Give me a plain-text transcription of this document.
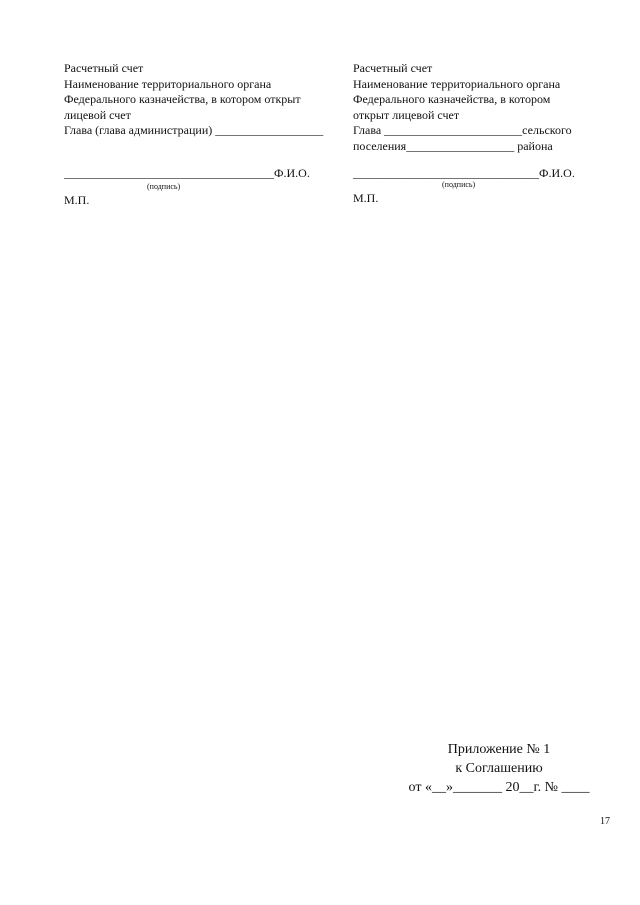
Расчетный счет
Наименование территориального органа
Федерального казначейства, в котором открыт
лицевой счет
Глава (глава администрации) __________________
___________________________________Ф.И.О.
(подпись)
М.П.
Расчетный счет
Наименование территориального органа
Федерального казначейства, в котором
открыт лицевой счет
Глава _______________________сельского
поселения__________________ района
_______________________________Ф.И.О.
(подпись)
М.П.
Приложение № 1
к Соглашению
от «__»_______ 20__г. № ____
17
